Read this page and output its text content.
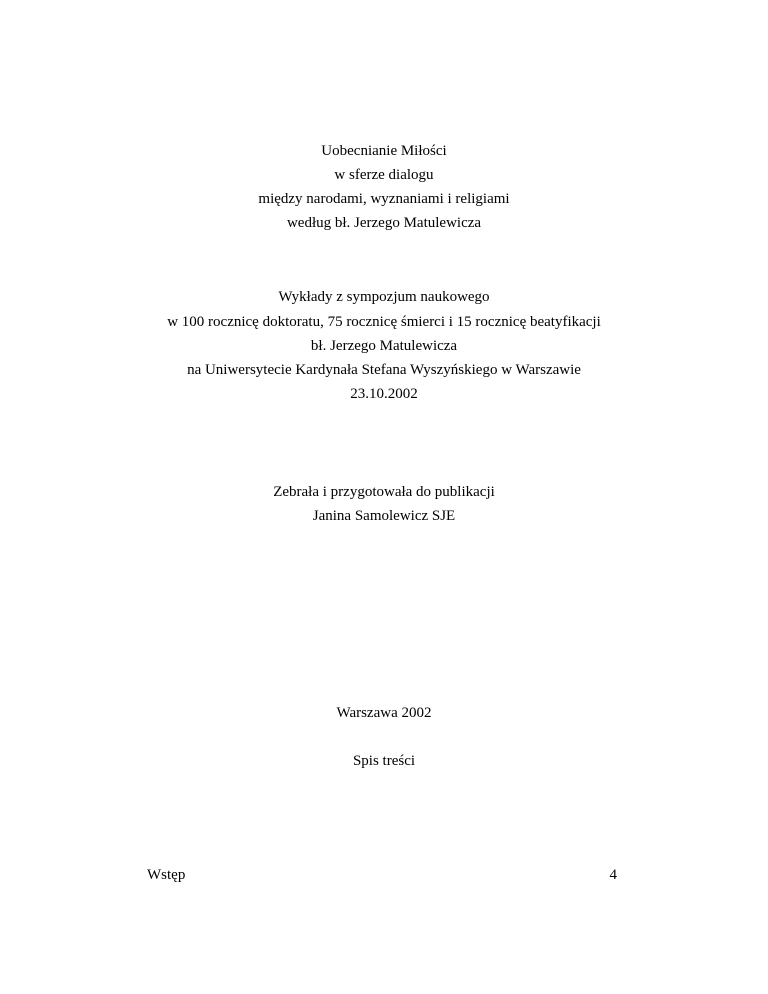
Uobecnianie Miłości
w sferze dialogu
między narodami, wyznaniami i religiami
według bł. Jerzego Matulewicza
Wykłady z sympozjum naukowego
w 100 rocznicę doktoratu, 75 rocznicę śmierci i 15 rocznicę beatyfikacji
bł. Jerzego Matulewicza
na Uniwersytecie Kardynała Stefana Wyszyńskiego w Warszawie
23.10.2002
Zebrała i przygotowała do publikacji
Janina Samolewicz SJE
Warszawa 2002
Spis treści
Wstęp	4
